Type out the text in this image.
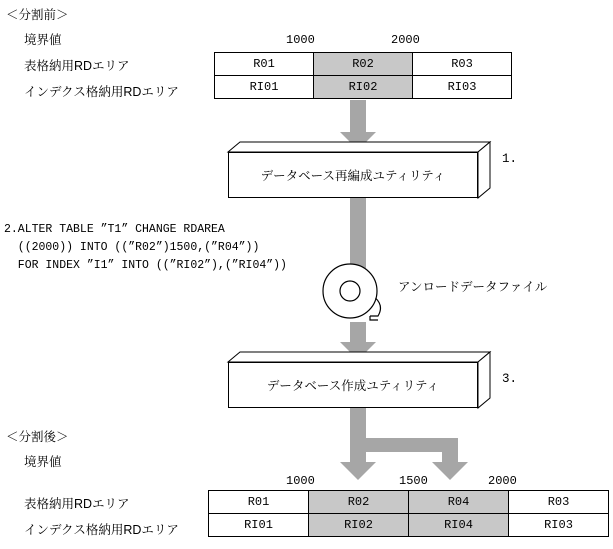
＜分割前＞
境界値	1000	2000
表格納用RDエリア
インデクス格納用RDエリア
R01	R02	R03
RI01	RI02	RI03
データベース再編成ユティリティ
1.
2.ALTER TABLE ”T1” CHANGE RDAREA
((2000)) INTO ((”R02”)1500,(”R04”))
FOR INDEX ”I1” INTO ((”RI02”),(”RI04”))
アンロードデータファイル
データベース作成ユティリティ	3.
＜分割後＞
境界値
1000	1500	2000
表格納用RDエリア
インデクス格納用RDエリア
R01	R02	R04	R03
RI01	RI02	RI04	RI03
